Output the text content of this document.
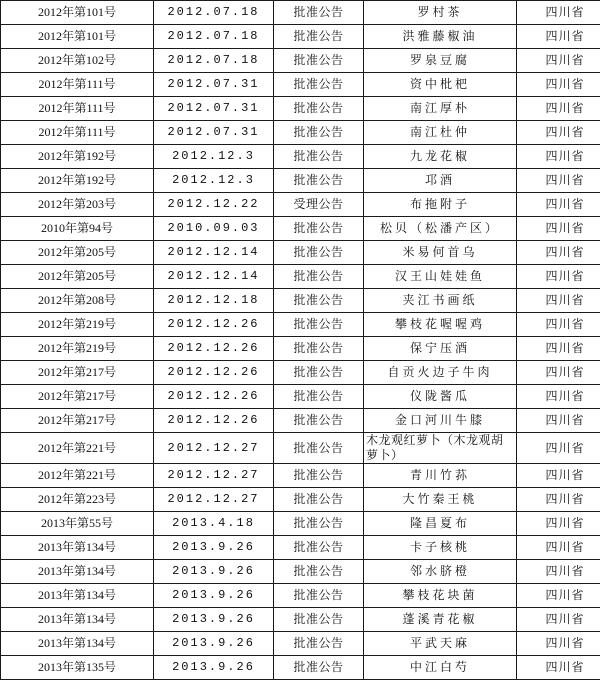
2012年第101号	2012.07.18	批准公告	罗村茶	四川省
2012年第101号	2012.07.18	批准公告	洪雅藤椒油	四川省
2012年第102号	2012.07.18	批准公告	罗泉豆腐	四川省
2012年第111号	2012.07.31	批准公告	资中枇杷	四川省
2012年第111号	2012.07.31	批准公告	南江厚朴	四川省
2012年第111号	2012.07.31	批准公告	南江杜仲	四川省
2012年第192号	2012.12.3	批准公告	九龙花椒	四川省
2012年第192号	2012.12.3	批准公告	邛酒	四川省
2012年第203号	2012.12.22	受理公告	布拖附子	四川省
2010年第94号	2010.09.03	批准公告	松贝（松潘产区）	四川省
2012年第205号	2012.12.14	批准公告	米易何首乌	四川省
2012年第205号	2012.12.14	批准公告	汉王山娃娃鱼	四川省
2012年第208号	2012.12.18	批准公告	夹江书画纸	四川省
2012年第219号	2012.12.26	批准公告	攀枝花喔喔鸡	四川省
2012年第219号	2012.12.26	批准公告	保宁压酒	四川省
2012年第217号	2012.12.26	批准公告	自贡火边子牛肉	四川省
2012年第217号	2012.12.26	批准公告	仪陇酱瓜	四川省
2012年第217号	2012.12.26	批准公告	金口河川牛膝	四川省
2012年第221号	2012.12.27	批准公告	木龙观红萝卜（木龙观胡萝卜）	四川省
2012年第221号	2012.12.27	批准公告	青川竹荪	四川省
2012年第223号	2012.12.27	批准公告	大竹秦王桃	四川省
2013年第55号	2013.4.18	批准公告	隆昌夏布	四川省
2013年第134号	2013.9.26	批准公告	卡子核桃	四川省
2013年第134号	2013.9.26	批准公告	邻水脐橙	四川省
2013年第134号	2013.9.26	批准公告	攀枝花块菌	四川省
2013年第134号	2013.9.26	批准公告	蓬溪青花椒	四川省
2013年第134号	2013.9.26	批准公告	平武天麻	四川省
2013年第135号	2013.9.26	批准公告	中江白芍	四川省
